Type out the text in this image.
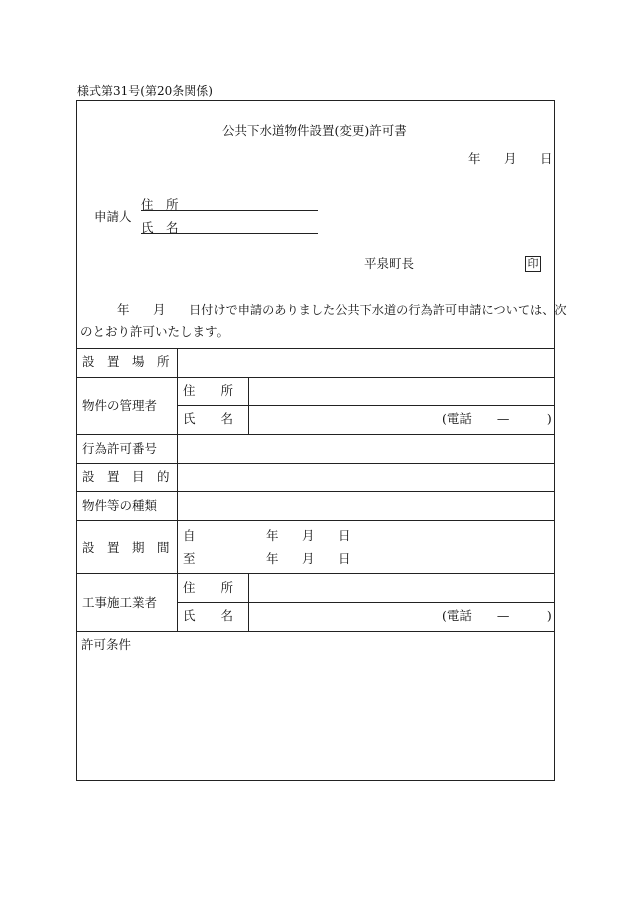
様式第31号(第20条関係)
公共下水道物件設置(変更)許可書
年 月 日
申請人
住　所
氏　名
平泉町長	印
年 月 日付けで申請のありました公共下水道の行為許可申請については、次
のとおり許可いたします。
設　置　場　所
物件の管理者
住　　所
氏　　名	(電話　　—　　　)
行為許可番号
設　置　目　的
物件等の種類
設　置　期　間
自	年 月 日
至	年 月 日
工事施工業者
住　　所
氏　　名	(電話　　—　　　)
許可条件
